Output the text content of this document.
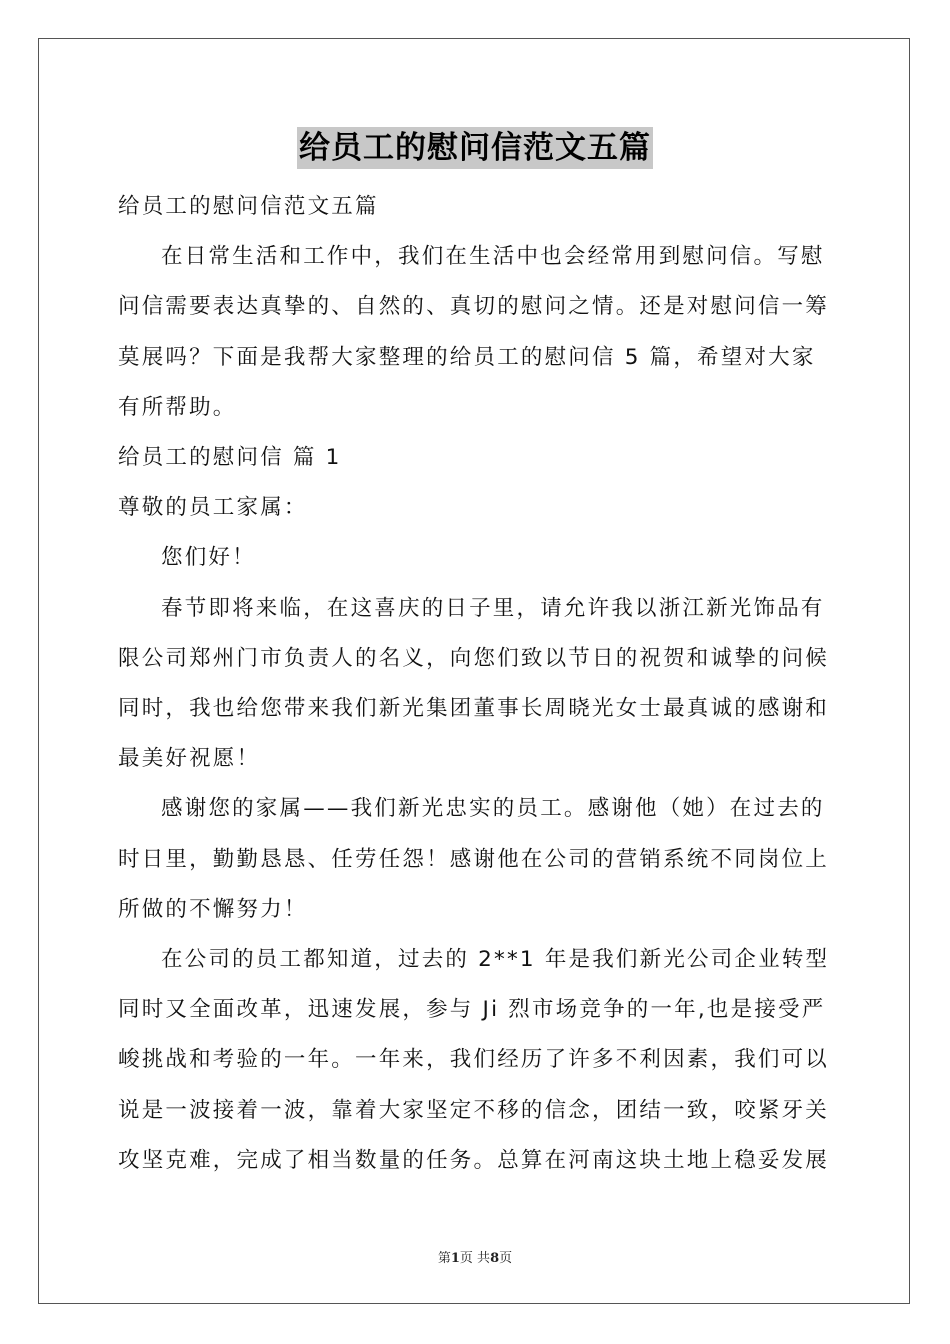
给员工的慰问信范文五篇

给员工的慰问信范文五篇

在日常生活和工作中，我们在生活中也会经常用到慰问信。写慰问信需要表达真挚的、自然的、真切的慰问之情。还是对慰问信一筹莫展吗？下面是我帮大家整理的给员工的慰问信 5 篇，希望对大家有所帮助。

给员工的慰问信 篇 1

尊敬的员工家属：

您们好！

春节即将来临，在这喜庆的日子里，请允许我以浙江新光饰品有限公司郑州门市负责人的名义，向您们致以节日的祝贺和诚挚的问候同时，我也给您带来我们新光集团董事长周晓光女士最真诚的感谢和最美好祝愿！

感谢您的家属——我们新光忠实的员工。感谢他（她）在过去的时日里，勤勤恳恳、任劳任怨！感谢他在公司的营销系统不同岗位上所做的不懈努力！

在公司的员工都知道，过去的 2**1 年是我们新光公司企业转型同时又全面改革，迅速发展，参与 Ji 烈市场竞争的一年,也是接受严峻挑战和考验的一年。一年来，我们经历了许多不利因素，我们可以说是一波接着一波，靠着大家坚定不移的信念，团结一致，咬紧牙关攻坚克难，完成了相当数量的任务。总算在河南这块土地上稳妥发展

第1页 共8页
